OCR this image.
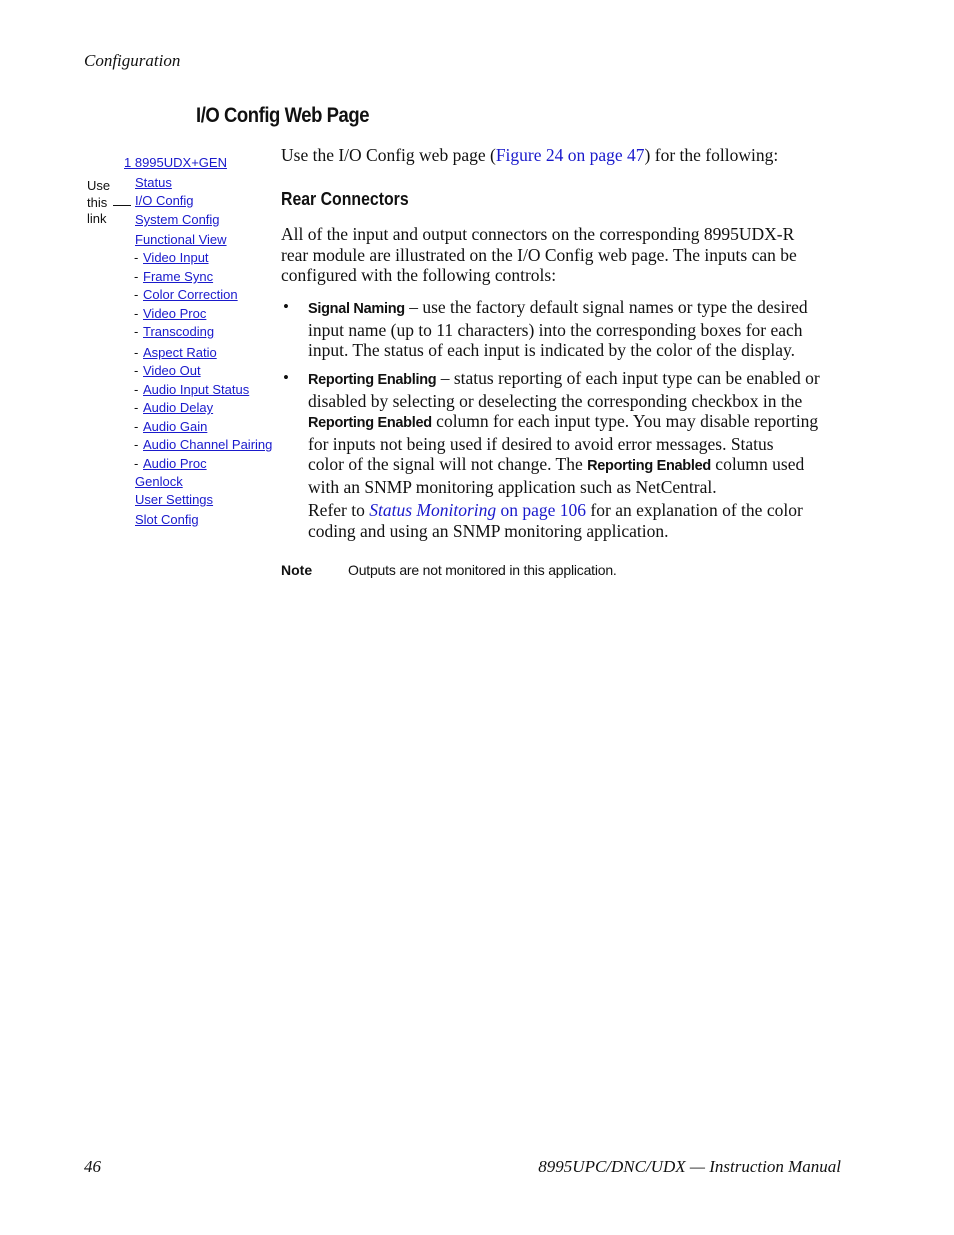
Configuration
I/O Config Web Page
1 8995UDX+GEN
Status
I/O Config
System Config
Functional View
- Video Input
- Frame Sync
- Color Correction
- Video Proc
- Transcoding
- Aspect Ratio
- Video Out
- Audio Input Status
- Audio Delay
- Audio Gain
- Audio Channel Pairing
- Audio Proc
Genlock
User Settings
Slot Config
Use this link
Use the I/O Config web page (Figure 24 on page 47) for the following:
Rear Connectors
All of the input and output connectors on the corresponding 8995UDX-R
rear module are illustrated on the I/O Config web page. The inputs can be
configured with the following controls:
• Signal Naming – use the factory default signal names or type the desired
input name (up to 11 characters) into the corresponding boxes for each
input. The status of each input is indicated by the color of the display.
• Reporting Enabling – status reporting of each input type can be enabled or
disabled by selecting or deselecting the corresponding checkbox in the
Reporting Enabled column for each input type. You may disable reporting
for inputs not being used if desired to avoid error messages. Status
color of the signal will not change. The Reporting Enabled column used
with an SNMP monitoring application such as NetCentral.
Refer to Status Monitoring on page 106 for an explanation of the color
coding and using an SNMP monitoring application.
Note	Outputs are not monitored in this application.
46	8995UPC/DNC/UDX — Instruction Manual
